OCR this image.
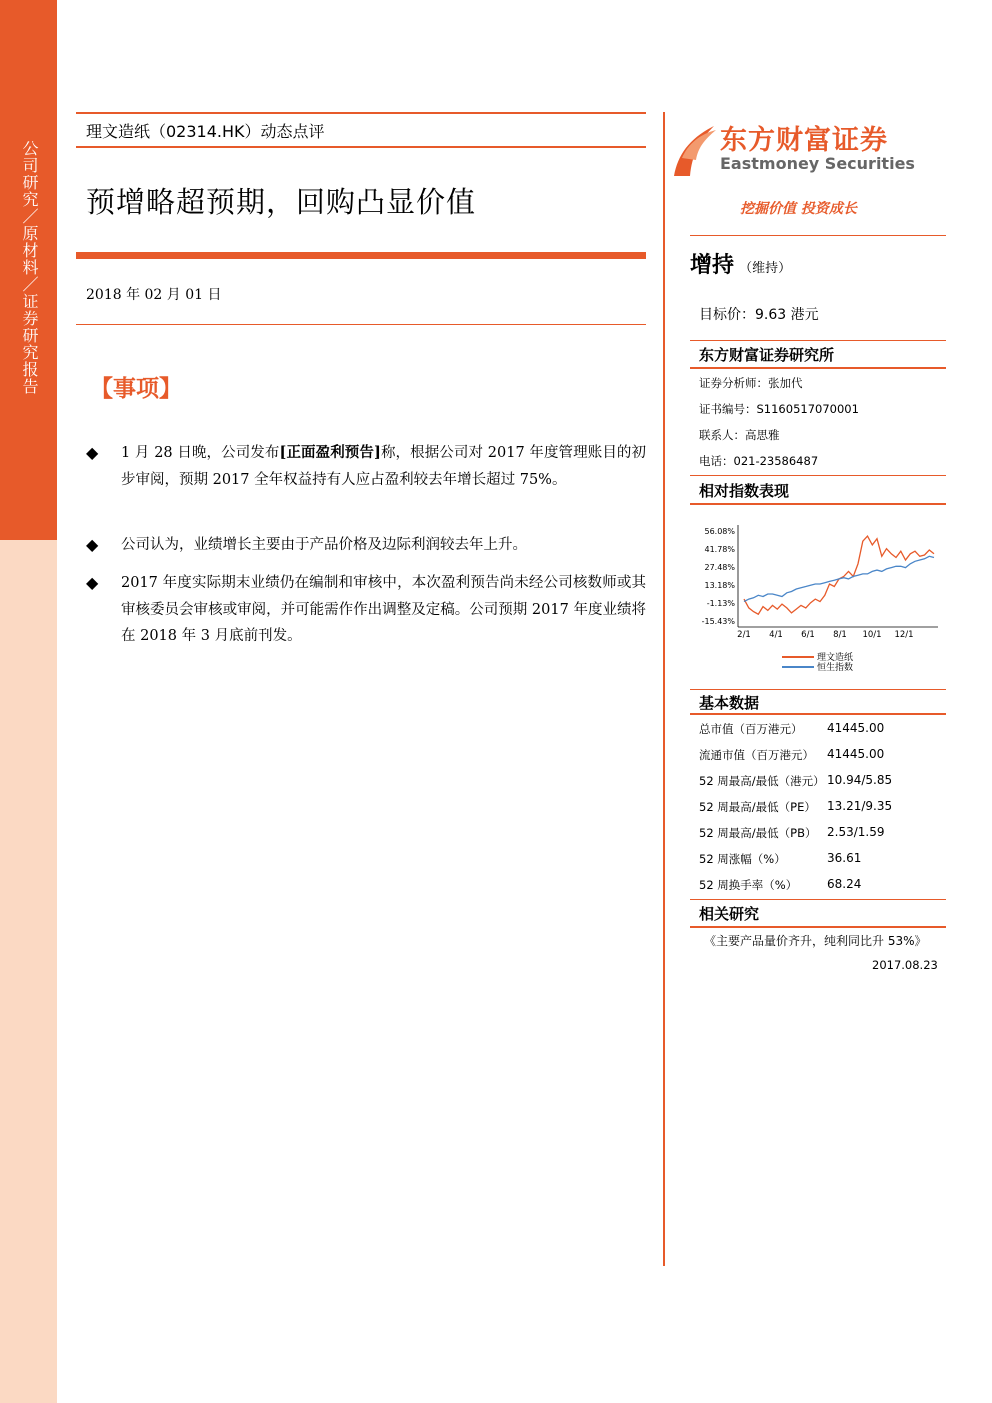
公司研究／原材料／证券研究报告
理文造纸（02314.HK）动态点评
预增略超预期，回购凸显价值
2018 年 02 月 01 日
【事项】
◆ 1 月 28 日晚，公司发布[正面盈利预告]称，根据公司对 2017 年度管理账目的初步审阅，预期 2017 全年权益持有人应占盈利较去年增长超过 75%。
◆ 公司认为，业绩增长主要由于产品价格及边际利润较去年上升。
◆ 2017 年度实际期末业绩仍在编制和审核中，本次盈利预告尚未经公司核数师或其审核委员会审核或审阅，并可能需作作出调整及定稿。公司预期 2017 年度业绩将在 2018 年 3 月底前刊发。
东方财富证券
Eastmoney Securities
挖掘价值 投资成长
增持 （维持）
目标价：9.63 港元
东方财富证券研究所
证券分析师：张加代
证书编号：S1160517070001
联系人：高思雅
电话：021-23586487
相对指数表现
56.08%
41.78%
27.48%
13.18%
-1.13%
-15.43%
2/1 4/1 6/1 8/1 10/1 12/1
理文造纸
恒生指数
基本数据
总市值（百万港元） 41445.00
流通市值（百万港元） 41445.00
52 周最高/最低（港元） 10.94/5.85
52 周最高/最低（PE） 13.21/9.35
52 周最高/最低（PB） 2.53/1.59
52 周涨幅（%）	36.61
52 周换手率（%） 68.24
相关研究
《主要产品量价齐升，纯利同比升 53%》
2017.08.23
